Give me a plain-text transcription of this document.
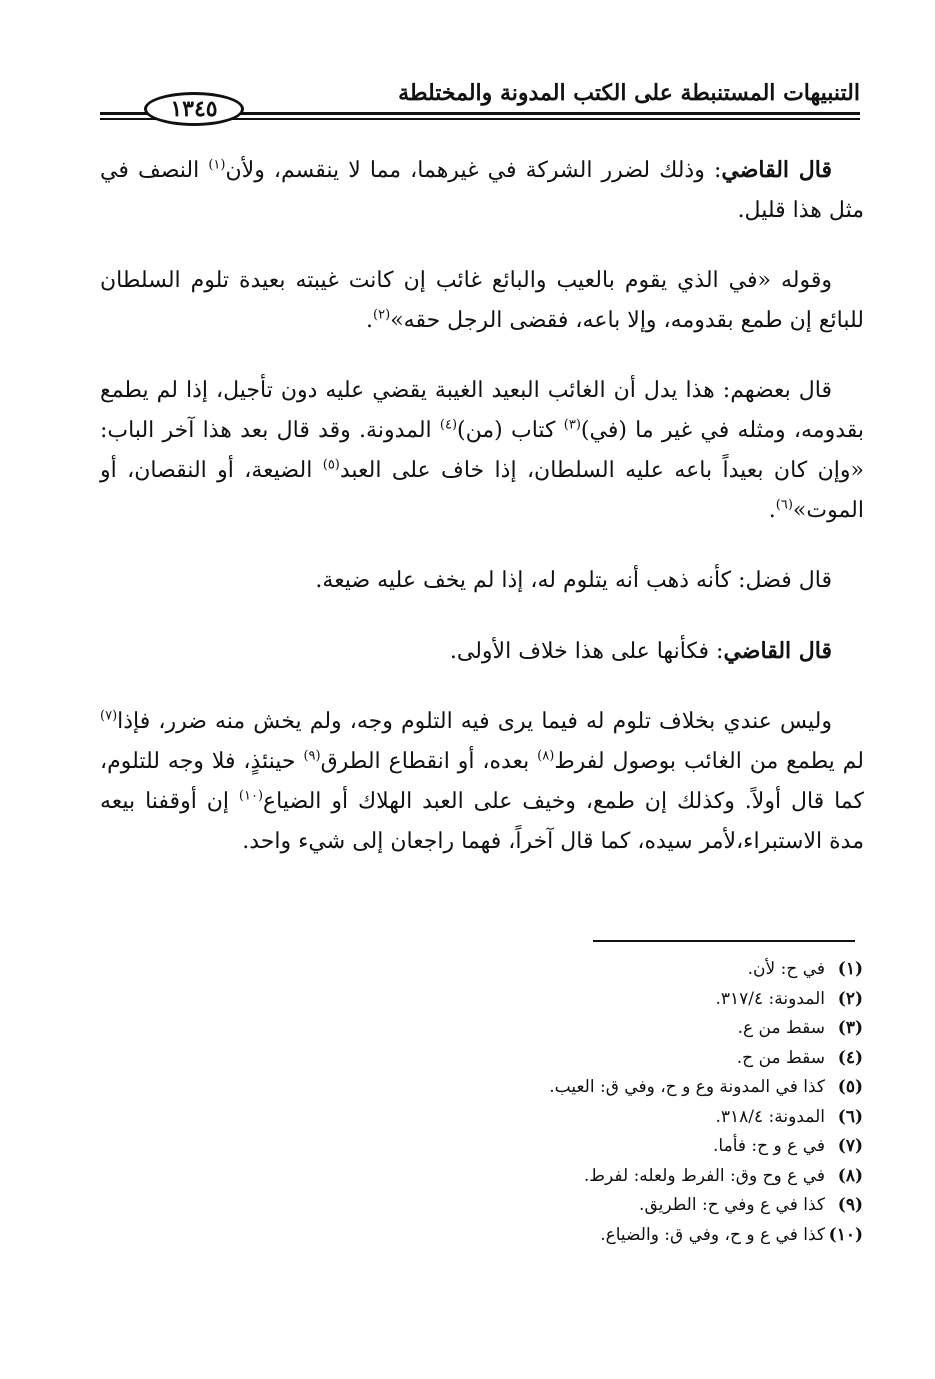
التنبيهات المستنبطة على الكتب المدونة والمختلطة
١٣٤٥

قال القاضي: وذلك لضرر الشركة في غيرهما، مما لا ينقسم، ولأن$^{(١)}$ النصف في مثل هذا قليل.

وقوله «في الذي يقوم بالعيب والبائع غائب إن كانت غيبته بعيدة تلوم السلطان للبائع إن طمع بقدومه، وإلا باعه، فقضى الرجل حقه»$^{(٢)}$.

قال بعضهم: هذا يدل أن الغائب البعيد الغيبة يقضي عليه دون تأجيل، إذا لم يطمع بقدومه، ومثله في غير ما (في)$^{(٣)}$ كتاب (من)$^{(٤)}$ المدونة. وقد قال بعد هذا آخر الباب: «وإن كان بعيداً باعه عليه السلطان، إذا خاف على العبد$^{(٥)}$ الضيعة، أو النقصان، أو الموت»$^{(٦)}$.

قال فضل: كأنه ذهب أنه يتلوم له، إذا لم يخف عليه ضيعة.

قال القاضي: فكأنها على هذا خلاف الأولى.

وليس عندي بخلاف تلوم له فيما يرى فيه التلوم وجه، ولم يخش منه ضرر، فإذا$^{(٧)}$ لم يطمع من الغائب بوصول لفرط$^{(٨)}$ بعده، أو انقطاع الطرق$^{(٩)}$ حينئذٍ، فلا وجه للتلوم، كما قال أولاً. وكذلك إن طمع، وخيف على العبد الهلاك أو الضياع$^{(١٠)}$ إن أوقفنا بيعه مدة الاستبراء،لأمر سيده، كما قال آخراً، فهما راجعان إلى شيء واحد.

(١)في ح: لأن.
(٢)المدونة: ٣١٧/٤.
(٣)سقط من ع.
(٤)سقط من ح.
(٥)كذا في المدونة وع و ح، وفي ق: العيب.
(٦)المدونة: ٣١٨/٤.
(٧)في ع و ح: فأما.
(٨)في ع وح وق: الفرط ولعله: لفرط.
(٩)كذا في ع وفي ح: الطريق.
(١٠)كذا في ع و ح، وفي ق: والضياع.
